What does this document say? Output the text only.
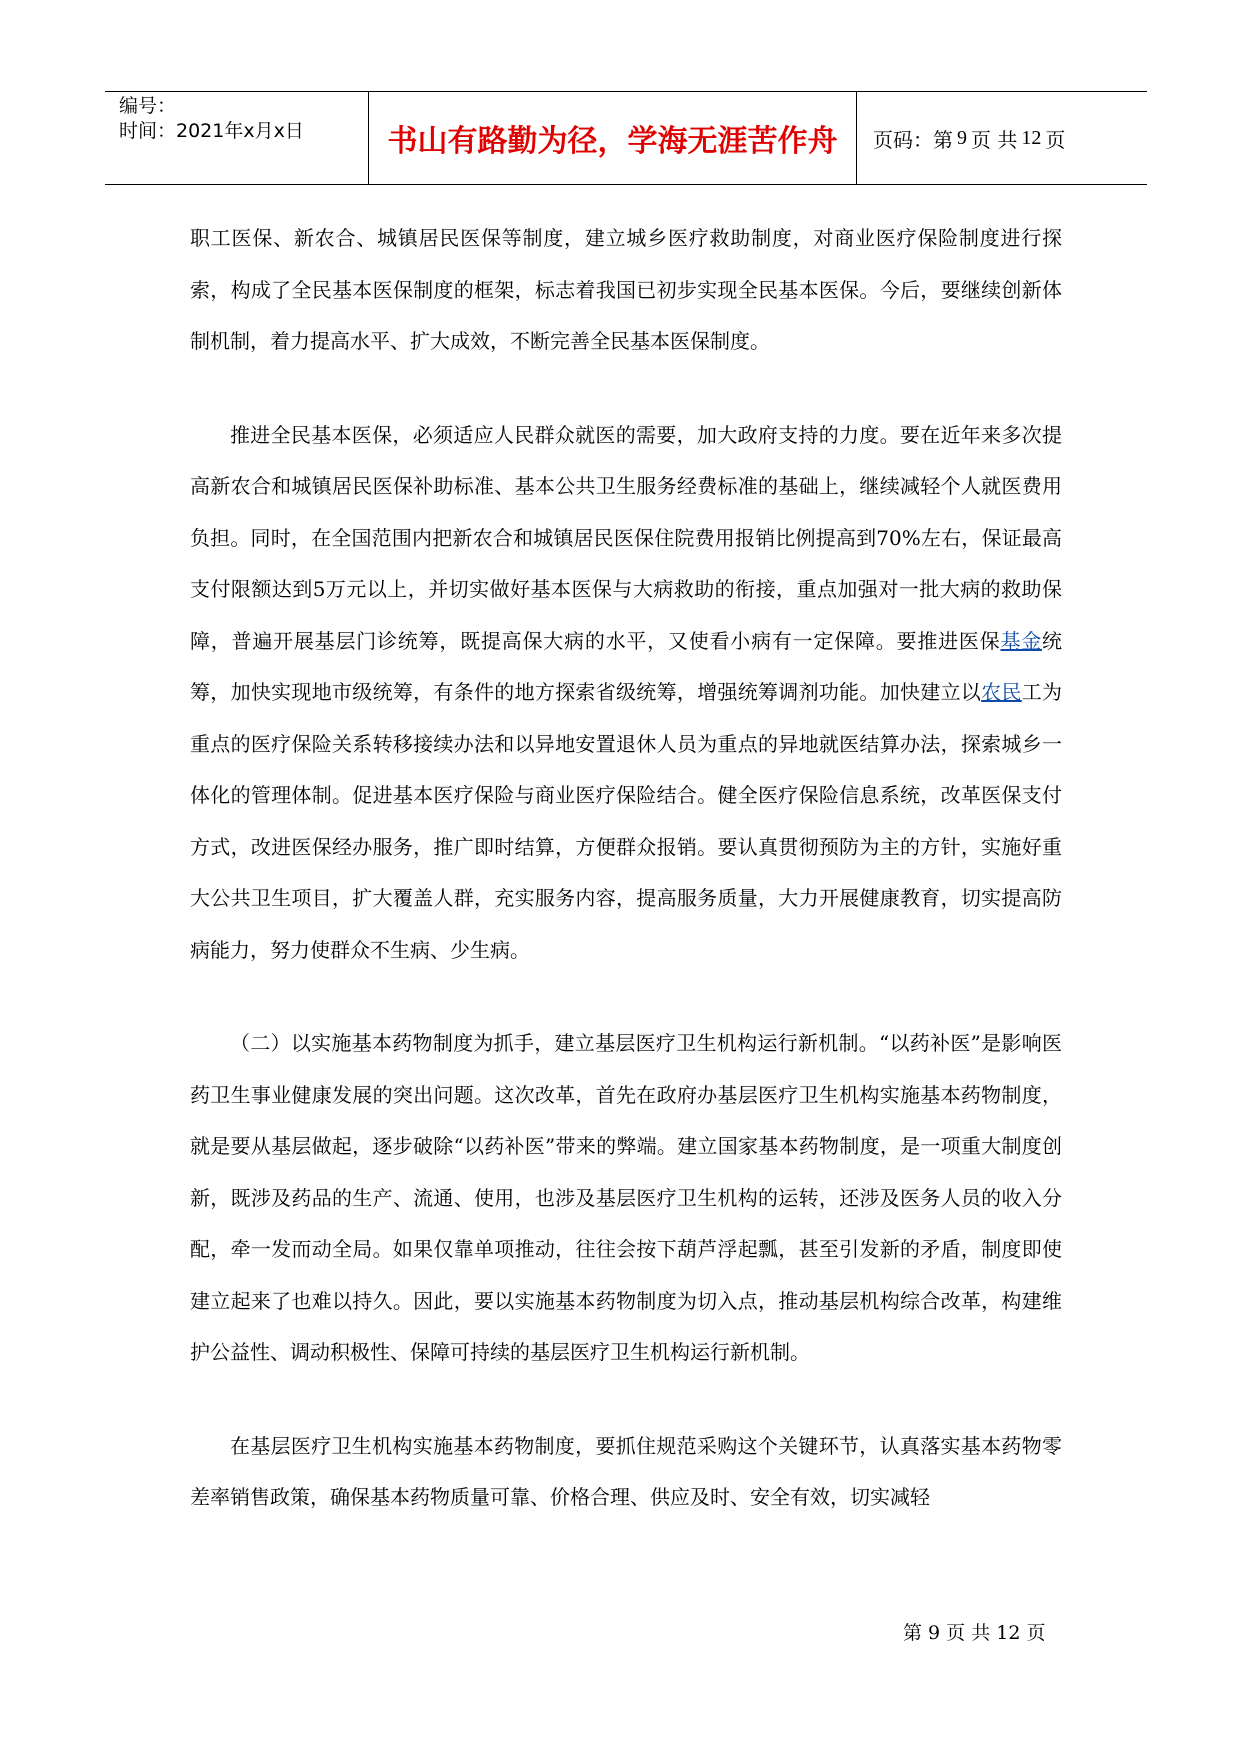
编号：
时间：2021年x月x日	书山有路勤为径，学海无涯苦作舟 页码：第 9 页 共 12 页

职工医保、新农合、城镇居民医保等制度，建立城乡医疗救助制度，对商业医疗保险制度进行探索，构成了全民基本医保制度的框架，标志着我国已初步实现全民基本医保。今后，要继续创新体制机制，着力提高水平、扩大成效，不断完善全民基本医保制度。

推进全民基本医保，必须适应人民群众就医的需要，加大政府支持的力度。要在近年来多次提高新农合和城镇居民医保补助标准、基本公共卫生服务经费标准的基础上，继续减轻个人就医费用负担。同时，在全国范围内把新农合和城镇居民医保住院费用报销比例提高到70%左右，保证最高支付限额达到5万元以上，并切实做好基本医保与大病救助的衔接，重点加强对一批大病的救助保障，普遍开展基层门诊统筹，既提高保大病的水平，又使看小病有一定保障。要推进医保基金统筹，加快实现地市级统筹，有条件的地方探索省级统筹，增强统筹调剂功能。加快建立以农民工为重点的医疗保险关系转移接续办法和以异地安置退休人员为重点的异地就医结算办法，探索城乡一体化的管理体制。促进基本医疗保险与商业医疗保险结合。健全医疗保险信息系统，改革医保支付方式，改进医保经办服务，推广即时结算，方便群众报销。要认真贯彻预防为主的方针，实施好重大公共卫生项目，扩大覆盖人群，充实服务内容，提高服务质量，大力开展健康教育，切实提高防病能力，努力使群众不生病、少生病。

（二）以实施基本药物制度为抓手，建立基层医疗卫生机构运行新机制。“以药补医”是影响医药卫生事业健康发展的突出问题。这次改革，首先在政府办基层医疗卫生机构实施基本药物制度，就是要从基层做起，逐步破除“以药补医”带来的弊端。建立国家基本药物制度，是一项重大制度创新，既涉及药品的生产、流通、使用，也涉及基层医疗卫生机构的运转，还涉及医务人员的收入分配，牵一发而动全局。如果仅靠单项推动，往往会按下葫芦浮起瓢，甚至引发新的矛盾，制度即使建立起来了也难以持久。因此，要以实施基本药物制度为切入点，推动基层机构综合改革，构建维护公益性、调动积极性、保障可持续的基层医疗卫生机构运行新机制。

在基层医疗卫生机构实施基本药物制度，要抓住规范采购这个关键环节，认真落实基本药物零差率销售政策，确保基本药物质量可靠、价格合理、供应及时、安全有效，切实减轻

第 9 页 共 12 页
